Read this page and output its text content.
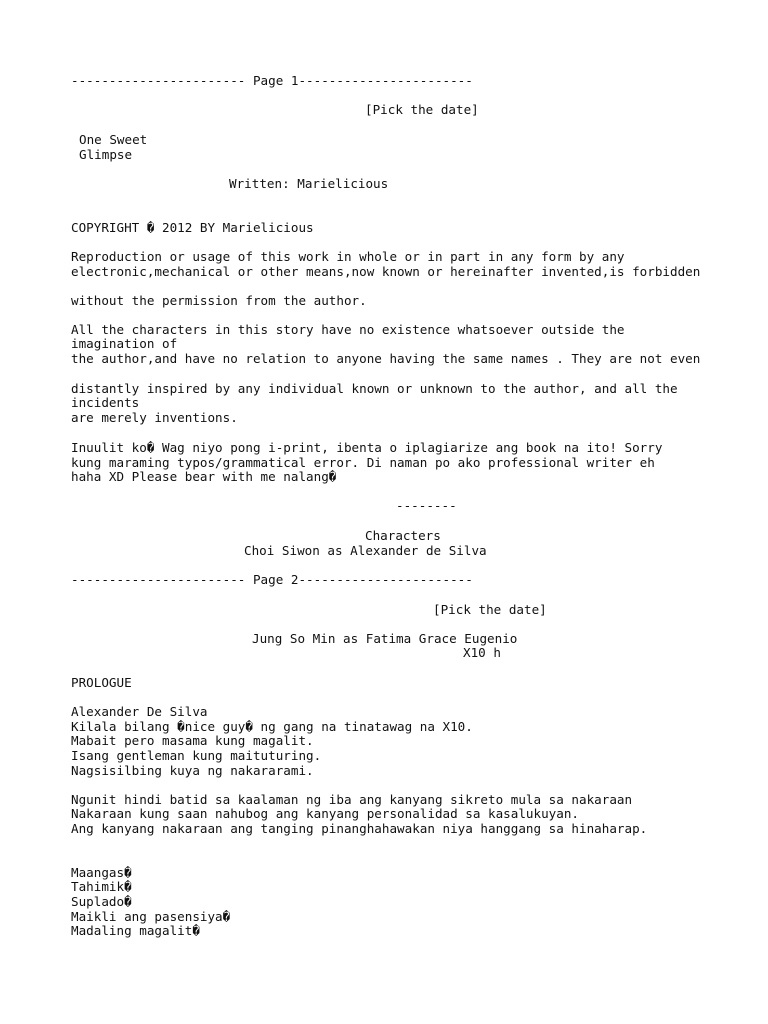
----------------------- Page 1-----------------------

[Pick the date]

One Sweet

Glimpse

Written: Marielicious

COPYRIGHT � 2012 BY Marielicious

Reproduction or usage of this work in whole or in part in any form by any

electronic,mechanical or other means,now known or hereinafter invented,is forbidden

without the permission from the author.

All the characters in this story have no existence whatsoever outside the

imagination of

the author,and have no relation to anyone having the same names . They are not even

distantly inspired by any individual known or unknown to the author, and all the

incidents

are merely inventions.

Inuulit ko� Wag niyo pong i-print, ibenta o iplagiarize ang book na ito! Sorry

kung maraming typos/grammatical error. Di naman po ako professional writer eh

haha XD Please bear with me nalang�

--------

Characters

Choi Siwon as Alexander de Silva

----------------------- Page 2-----------------------

[Pick the date]

Jung So Min as Fatima Grace Eugenio

X10 h

PROLOGUE

Alexander De Silva

Kilala bilang �nice guy� ng gang na tinatawag na X10.

Mabait pero masama kung magalit.

Isang gentleman kung maituturing.

Nagsisilbing kuya ng nakararami.

Ngunit hindi batid sa kaalaman ng iba ang kanyang sikreto mula sa nakaraan

Nakaraan kung saan nahubog ang kanyang personalidad sa kasalukuyan.

Ang kanyang nakaraan ang tanging pinanghahawakan niya hanggang sa hinaharap.

Maangas�

Tahimik�

Suplado�

Maikli ang pasensiya�

Madaling magalit�
